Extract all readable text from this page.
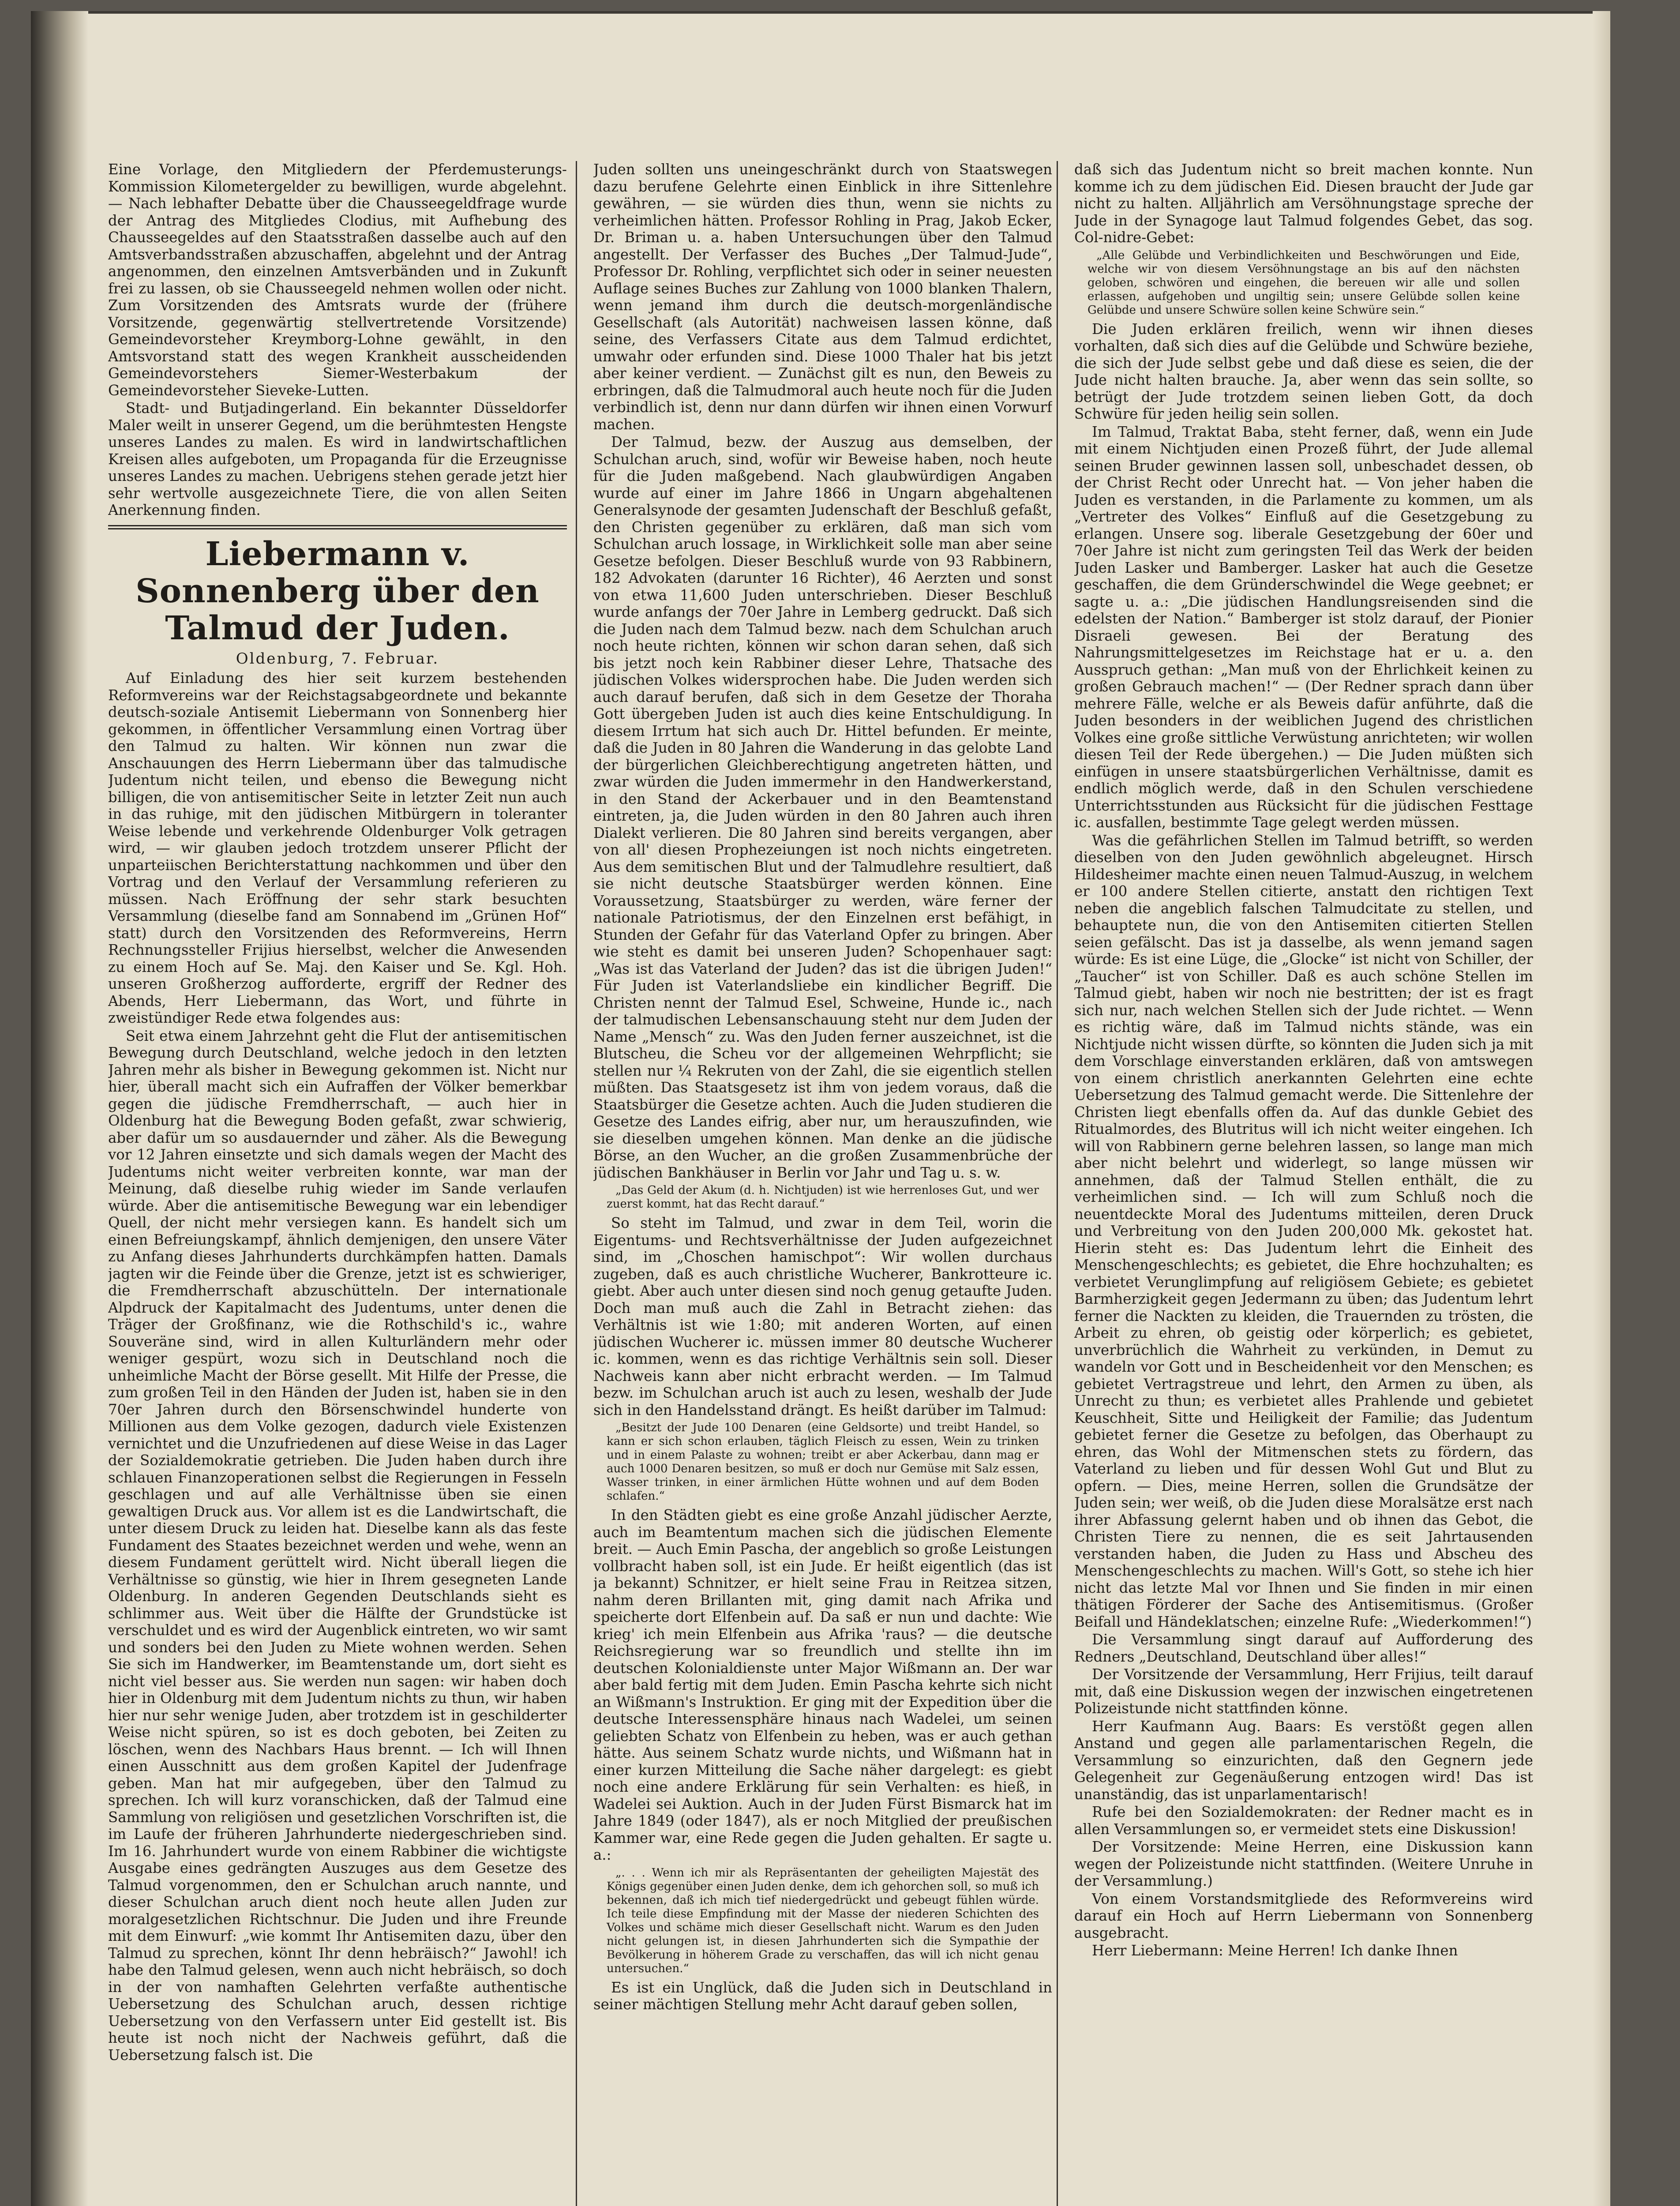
Eine Vorlage, den Mitgliedern der Pferdemusterungs-Kommission Kilometergelder zu bewilligen, wurde abgelehnt. — Nach lebhafter Debatte über die Chausseegeldfrage wurde der Antrag des Mitgliedes Clodius, mit Aufhebung des Chausseegeldes auf den Staatsstraßen dasselbe auch auf den Amtsverbandsstraßen abzuschaffen, abgelehnt und der Antrag angenommen, den einzelnen Amtsverbänden und in Zukunft frei zu lassen, ob sie Chausseegeld nehmen wollen oder nicht. Zum Vorsitzenden des Amtsrats wurde der (frühere Vorsitzende, gegenwärtig stellvertretende Vorsitzende) Gemeindevorsteher Kreymborg-Lohne gewählt, in den Amtsvorstand statt des wegen Krankheit ausscheidenden Gemeindevorstehers Siemer-Westerbakum der Gemeindevorsteher Sieveke-Lutten.

Stadt- und Butjadingerland. Ein bekannter Düsseldorfer Maler weilt in unserer Gegend, um die berühmtesten Hengste unseres Landes zu malen. Es wird in landwirtschaftlichen Kreisen alles aufgeboten, um Propaganda für die Erzeugnisse unseres Landes zu machen. Uebrigens stehen gerade jetzt hier sehr wertvolle ausgezeichnete Tiere, die von allen Seiten Anerkennung finden.

Liebermann v. Sonnenberg über den
Talmud der Juden.
Oldenburg, 7. Februar.

Auf Einladung des hier seit kurzem bestehenden Reformvereins war der Reichstagsabgeordnete und bekannte deutsch-soziale Antisemit Liebermann von Sonnenberg hier gekommen, in öffentlicher Versammlung einen Vortrag über den Talmud zu halten. Wir können nun zwar die Anschauungen des Herrn Liebermann über das talmudische Judentum nicht teilen, und ebenso die Bewegung nicht billigen, die von antisemitischer Seite in letzter Zeit nun auch in das ruhige, mit den jüdischen Mitbürgern in toleranter Weise lebende und verkehrende Oldenburger Volk getragen wird, — wir glauben jedoch trotzdem unserer Pflicht der unparteiischen Berichterstattung nachkommen und über den Vortrag und den Verlauf der Versammlung referieren zu müssen. Nach Eröffnung der sehr stark besuchten Versammlung (dieselbe fand am Sonnabend im „Grünen Hof“ statt) durch den Vorsitzenden des Reformvereins, Herrn Rechnungssteller Frijius hierselbst, welcher die Anwesenden zu einem Hoch auf Se. Maj. den Kaiser und Se. Kgl. Hoh. unseren Großherzog aufforderte, ergriff der Redner des Abends, Herr Liebermann, das Wort, und führte in zweistündiger Rede etwa folgendes aus:

Seit etwa einem Jahrzehnt geht die Flut der antisemitischen Bewegung durch Deutschland, welche jedoch in den letzten Jahren mehr als bisher in Bewegung gekommen ist. Nicht nur hier, überall macht sich ein Aufraffen der Völker bemerkbar gegen die jüdische Fremdherrschaft, — auch hier in Oldenburg hat die Bewegung Boden gefaßt, zwar schwierig, aber dafür um so ausdauernder und zäher. Als die Bewegung vor 12 Jahren einsetzte und sich damals wegen der Macht des Judentums nicht weiter verbreiten konnte, war man der Meinung, daß dieselbe ruhig wieder im Sande verlaufen würde. Aber die antisemitische Bewegung war ein lebendiger Quell, der nicht mehr versiegen kann. Es handelt sich um einen Befreiungskampf, ähnlich demjenigen, den unsere Väter zu Anfang dieses Jahrhunderts durchkämpfen hatten. Damals jagten wir die Feinde über die Grenze, jetzt ist es schwieriger, die Fremdherrschaft abzuschütteln. Der internationale Alpdruck der Kapitalmacht des Judentums, unter denen die Träger der Großfinanz, wie die Rothschild's ic., wahre Souveräne sind, wird in allen Kulturländern mehr oder weniger gespürt, wozu sich in Deutschland noch die unheimliche Macht der Börse gesellt. Mit Hilfe der Presse, die zum großen Teil in den Händen der Juden ist, haben sie in den 70er Jahren durch den Börsenschwindel hunderte von Millionen aus dem Volke gezogen, dadurch viele Existenzen vernichtet und die Unzufriedenen auf diese Weise in das Lager der Sozialdemokratie getrieben. Die Juden haben durch ihre schlauen Finanzoperationen selbst die Regierungen in Fesseln geschlagen und auf alle Verhältnisse üben sie einen gewaltigen Druck aus. Vor allem ist es die Landwirtschaft, die unter diesem Druck zu leiden hat. Dieselbe kann als das feste Fundament des Staates bezeichnet werden und wehe, wenn an diesem Fundament gerüttelt wird. Nicht überall liegen die Verhältnisse so günstig, wie hier in Ihrem gesegneten Lande Oldenburg. In anderen Gegenden Deutschlands sieht es schlimmer aus. Weit über die Hälfte der Grundstücke ist verschuldet und es wird der Augenblick eintreten, wo wir samt und sonders bei den Juden zu Miete wohnen werden. Sehen Sie sich im Handwerker, im Beamtenstande um, dort sieht es nicht viel besser aus. Sie werden nun sagen: wir haben doch hier in Oldenburg mit dem Judentum nichts zu thun, wir haben hier nur sehr wenige Juden, aber trotzdem ist in geschilderter Weise nicht spüren, so ist es doch geboten, bei Zeiten zu löschen, wenn des Nachbars Haus brennt. — Ich will Ihnen einen Ausschnitt aus dem großen Kapitel der Judenfrage geben. Man hat mir aufgegeben, über den Talmud zu sprechen. Ich will kurz voranschicken, daß der Talmud eine Sammlung von religiösen und gesetzlichen Vorschriften ist, die im Laufe der früheren Jahrhunderte niedergeschrieben sind. Im 16. Jahrhundert wurde von einem Rabbiner die wichtigste Ausgabe eines gedrängten Auszuges aus dem Gesetze des Talmud vorgenommen, den er Schulchan aruch nannte, und dieser Schulchan aruch dient noch heute allen Juden zur moralgesetzlichen Richtschnur. Die Juden und ihre Freunde mit dem Einwurf: „wie kommt Ihr Antisemiten dazu, über den Talmud zu sprechen, könnt Ihr denn hebräisch?“ Jawohl! ich habe den Talmud gelesen, wenn auch nicht hebräisch, so doch in der von namhaften Gelehrten verfaßte authentische Uebersetzung des Schulchan aruch, dessen richtige Uebersetzung von den Verfassern unter Eid gestellt ist. Bis heute ist noch nicht der Nachweis geführt, daß die Uebersetzung falsch ist. Die

Juden sollten uns uneingeschränkt durch von Staatswegen dazu berufene Gelehrte einen Einblick in ihre Sittenlehre gewähren, — sie würden dies thun, wenn sie nichts zu verheimlichen hätten. Professor Rohling in Prag, Jakob Ecker, Dr. Briman u. a. haben Untersuchungen über den Talmud angestellt. Der Verfasser des Buches „Der Talmud-Jude“, Professor Dr. Rohling, verpflichtet sich oder in seiner neuesten Auflage seines Buches zur Zahlung von 1000 blanken Thalern, wenn jemand ihm durch die deutsch-morgenländische Gesellschaft (als Autorität) nachweisen lassen könne, daß seine, des Verfassers Citate aus dem Talmud erdichtet, umwahr oder erfunden sind. Diese 1000 Thaler hat bis jetzt aber keiner verdient. — Zunächst gilt es nun, den Beweis zu erbringen, daß die Talmudmoral auch heute noch für die Juden verbindlich ist, denn nur dann dürfen wir ihnen einen Vorwurf machen.

Der Talmud, bezw. der Auszug aus demselben, der Schulchan aruch, sind, wofür wir Beweise haben, noch heute für die Juden maßgebend. Nach glaubwürdigen Angaben wurde auf einer im Jahre 1866 in Ungarn abgehaltenen Generalsynode der gesamten Judenschaft der Beschluß gefaßt, den Christen gegenüber zu erklären, daß man sich vom Schulchan aruch lossage, in Wirklichkeit solle man aber seine Gesetze befolgen. Dieser Beschluß wurde von 93 Rabbinern, 182 Advokaten (darunter 16 Richter), 46 Aerzten und sonst von etwa 11,600 Juden unterschrieben. Dieser Beschluß wurde anfangs der 70er Jahre in Lemberg gedruckt. Daß sich die Juden nach dem Talmud bezw. nach dem Schulchan aruch noch heute richten, können wir schon daran sehen, daß sich bis jetzt noch kein Rabbiner dieser Lehre, Thatsache des jüdischen Volkes widersprochen habe. Die Juden werden sich auch darauf berufen, daß sich in dem Gesetze der Thoraha Gott übergeben Juden ist auch dies keine Entschuldigung. In diesem Irrtum hat sich auch Dr. Hittel befunden. Er meinte, daß die Juden in 80 Jahren die Wanderung in das gelobte Land der bürgerlichen Gleichberechtigung angetreten hätten, und zwar würden die Juden immermehr in den Handwerkerstand, in den Stand der Ackerbauer und in den Beamtenstand eintreten, ja, die Juden würden in den 80 Jahren auch ihren Dialekt verlieren. Die 80 Jahren sind bereits vergangen, aber von all' diesen Prophezeiungen ist noch nichts eingetreten. Aus dem semitischen Blut und der Talmudlehre resultiert, daß sie nicht deutsche Staatsbürger werden können. Eine Voraussetzung, Staatsbürger zu werden, wäre ferner der nationale Patriotismus, der den Einzelnen erst befähigt, in Stunden der Gefahr für das Vaterland Opfer zu bringen. Aber wie steht es damit bei unseren Juden? Schopenhauer sagt: „Was ist das Vaterland der Juden? das ist die übrigen Juden!“ Für Juden ist Vaterlandsliebe ein kindlicher Begriff. Die Christen nennt der Talmud Esel, Schweine, Hunde ic., nach der talmudischen Lebensanschauung steht nur dem Juden der Name „Mensch“ zu. Was den Juden ferner auszeichnet, ist die Blutscheu, die Scheu vor der allgemeinen Wehrpflicht; sie stellen nur ¼ Rekruten von der Zahl, die sie eigentlich stellen müßten. Das Staatsgesetz ist ihm von jedem voraus, daß die Staatsbürger die Gesetze achten. Auch die Juden studieren die Gesetze des Landes eifrig, aber nur, um herauszufinden, wie sie dieselben umgehen können. Man denke an die jüdische Börse, an den Wucher, an die großen Zusammenbrüche der jüdischen Bankhäuser in Berlin vor Jahr und Tag u. s. w.

„Das Geld der Akum (d. h. Nichtjuden) ist wie herrenloses Gut, und wer zuerst kommt, hat das Recht darauf.“

So steht im Talmud, und zwar in dem Teil, worin die Eigentums- und Rechtsverhältnisse der Juden aufgezeichnet sind, im „Choschen hamischpot“: Wir wollen durchaus zugeben, daß es auch christliche Wucherer, Bankrotteure ic. giebt. Aber auch unter diesen sind noch genug getaufte Juden. Doch man muß auch die Zahl in Betracht ziehen: das Verhältnis ist wie 1:80; mit anderen Worten, auf einen jüdischen Wucherer ic. müssen immer 80 deutsche Wucherer ic. kommen, wenn es das richtige Verhältnis sein soll. Dieser Nachweis kann aber nicht erbracht werden. — Im Talmud bezw. im Schulchan aruch ist auch zu lesen, weshalb der Jude sich in den Handelsstand drängt. Es heißt darüber im Talmud:

„Besitzt der Jude 100 Denaren (eine Geldsorte) und treibt Handel, so kann er sich schon erlauben, täglich Fleisch zu essen, Wein zu trinken und in einem Palaste zu wohnen; treibt er aber Ackerbau, dann mag er auch 1000 Denaren besitzen, so muß er doch nur Gemüse mit Salz essen, Wasser trinken, in einer ärmlichen Hütte wohnen und auf dem Boden schlafen.“

In den Städten giebt es eine große Anzahl jüdischer Aerzte, auch im Beamtentum machen sich die jüdischen Elemente breit. — Auch Emin Pascha, der angeblich so große Leistungen vollbracht haben soll, ist ein Jude. Er heißt eigentlich (das ist ja bekannt) Schnitzer, er hielt seine Frau in Reitzea sitzen, nahm deren Brillanten mit, ging damit nach Afrika und speicherte dort Elfenbein auf. Da saß er nun und dachte: Wie krieg' ich mein Elfenbein aus Afrika 'raus? — die deutsche Reichsregierung war so freundlich und stellte ihn im deutschen Kolonialdienste unter Major Wißmann an. Der war aber bald fertig mit dem Juden. Emin Pascha kehrte sich nicht an Wißmann's Instruktion. Er ging mit der Expedition über die deutsche Interessensphäre hinaus nach Wadelei, um seinen geliebten Schatz von Elfenbein zu heben, was er auch gethan hätte. Aus seinem Schatz wurde nichts, und Wißmann hat in einer kurzen Mitteilung die Sache näher dargelegt: es giebt noch eine andere Erklärung für sein Verhalten: es hieß, in Wadelei sei Auktion. Auch in der Juden Fürst Bismarck hat im Jahre 1849 (oder 1847), als er noch Mitglied der preußischen Kammer war, eine Rede gegen die Juden gehalten. Er sagte u. a.:

„. . . Wenn ich mir als Repräsentanten der geheiligten Majestät des Königs gegenüber einen Juden denke, dem ich gehorchen soll, so muß ich bekennen, daß ich mich tief niedergedrückt und gebeugt fühlen würde. Ich teile diese Empfindung mit der Masse der niederen Schichten des Volkes und schäme mich dieser Gesellschaft nicht. Warum es den Juden nicht gelungen ist, in diesen Jahrhunderten sich die Sympathie der Bevölkerung in höherem Grade zu verschaffen, das will ich nicht genau untersuchen.“

Es ist ein Unglück, daß die Juden sich in Deutschland in seiner mächtigen Stellung mehr Acht darauf geben sollen,

daß sich das Judentum nicht so breit machen konnte. Nun komme ich zu dem jüdischen Eid. Diesen braucht der Jude gar nicht zu halten. Alljährlich am Versöhnungstage spreche der Jude in der Synagoge laut Talmud folgendes Gebet, das sog. Col-nidre-Gebet:

„Alle Gelübde und Verbindlichkeiten und Beschwörungen und Eide, welche wir von diesem Versöhnungstage an bis auf den nächsten geloben, schwören und eingehen, die bereuen wir alle und sollen erlassen, aufgehoben und ungiltig sein; unsere Gelübde sollen keine Gelübde und unsere Schwüre sollen keine Schwüre sein.“

Die Juden erklären freilich, wenn wir ihnen dieses vorhalten, daß sich dies auf die Gelübde und Schwüre beziehe, die sich der Jude selbst gebe und daß diese es seien, die der Jude nicht halten brauche. Ja, aber wenn das sein sollte, so betrügt der Jude trotzdem seinen lieben Gott, da doch Schwüre für jeden heilig sein sollen.

Im Talmud, Traktat Baba, steht ferner, daß, wenn ein Jude mit einem Nichtjuden einen Prozeß führt, der Jude allemal seinen Bruder gewinnen lassen soll, unbeschadet dessen, ob der Christ Recht oder Unrecht hat. — Von jeher haben die Juden es verstanden, in die Parlamente zu kommen, um als „Vertreter des Volkes“ Einfluß auf die Gesetzgebung zu erlangen. Unsere sog. liberale Gesetzgebung der 60er und 70er Jahre ist nicht zum geringsten Teil das Werk der beiden Juden Lasker und Bamberger. Lasker hat auch die Gesetze geschaffen, die dem Gründerschwindel die Wege geebnet; er sagte u. a.: „Die jüdischen Handlungsreisenden sind die edelsten der Nation.“ Bamberger ist stolz darauf, der Pionier Disraeli gewesen. Bei der Beratung des Nahrungsmittelgesetzes im Reichstage hat er u. a. den Ausspruch gethan: „Man muß von der Ehrlichkeit keinen zu großen Gebrauch machen!“ — (Der Redner sprach dann über mehrere Fälle, welche er als Beweis dafür anführte, daß die Juden besonders in der weiblichen Jugend des christlichen Volkes eine große sittliche Verwüstung anrichteten; wir wollen diesen Teil der Rede übergehen.) — Die Juden müßten sich einfügen in unsere staatsbürgerlichen Verhältnisse, damit es endlich möglich werde, daß in den Schulen verschiedene Unterrichtsstunden aus Rücksicht für die jüdischen Festtage ic. ausfallen, bestimmte Tage gelegt werden müssen.

Was die gefährlichen Stellen im Talmud betrifft, so werden dieselben von den Juden gewöhnlich abgeleugnet. Hirsch Hildesheimer machte einen neuen Talmud-Auszug, in welchem er 100 andere Stellen citierte, anstatt den richtigen Text neben die angeblich falschen Talmudcitate zu stellen, und behauptete nun, die von den Antisemiten citierten Stellen seien gefälscht. Das ist ja dasselbe, als wenn jemand sagen würde: Es ist eine Lüge, die „Glocke“ ist nicht von Schiller, der „Taucher“ ist von Schiller. Daß es auch schöne Stellen im Talmud giebt, haben wir noch nie bestritten; der ist es fragt sich nur, nach welchen Stellen sich der Jude richtet. — Wenn es richtig wäre, daß im Talmud nichts stände, was ein Nichtjude nicht wissen dürfte, so könnten die Juden sich ja mit dem Vorschlage einverstanden erklären, daß von amtswegen von einem christlich anerkannten Gelehrten eine echte Uebersetzung des Talmud gemacht werde. Die Sittenlehre der Christen liegt ebenfalls offen da. Auf das dunkle Gebiet des Ritualmordes, des Blutritus will ich nicht weiter eingehen. Ich will von Rabbinern gerne belehren lassen, so lange man mich aber nicht belehrt und widerlegt, so lange müssen wir annehmen, daß der Talmud Stellen enthält, die zu verheimlichen sind. — Ich will zum Schluß noch die neuentdeckte Moral des Judentums mitteilen, deren Druck und Verbreitung von den Juden 200,000 Mk. gekostet hat. Hierin steht es: Das Judentum lehrt die Einheit des Menschengeschlechts; es gebietet, die Ehre hochzuhalten; es verbietet Verunglimpfung auf religiösem Gebiete; es gebietet Barmherzigkeit gegen Jedermann zu üben; das Judentum lehrt ferner die Nackten zu kleiden, die Trauernden zu trösten, die Arbeit zu ehren, ob geistig oder körperlich; es gebietet, unverbrüchlich die Wahrheit zu verkünden, in Demut zu wandeln vor Gott und in Bescheidenheit vor den Menschen; es gebietet Vertragstreue und lehrt, den Armen zu üben, als Unrecht zu thun; es verbietet alles Prahlende und gebietet Keuschheit, Sitte und Heiligkeit der Familie; das Judentum gebietet ferner die Gesetze zu befolgen, das Oberhaupt zu ehren, das Wohl der Mitmenschen stets zu fördern, das Vaterland zu lieben und für dessen Wohl Gut und Blut zu opfern. — Dies, meine Herren, sollen die Grundsätze der Juden sein; wer weiß, ob die Juden diese Moralsätze erst nach ihrer Abfassung gelernt haben und ob ihnen das Gebot, die Christen Tiere zu nennen, die es seit Jahrtausenden verstanden haben, die Juden zu Hass und Abscheu des Menschengeschlechts zu machen. Will's Gott, so stehe ich hier nicht das letzte Mal vor Ihnen und Sie finden in mir einen thätigen Förderer der Sache des Antisemitismus. (Großer Beifall und Händeklatschen; einzelne Rufe: „Wiederkommen!“)

Die Versammlung singt darauf auf Aufforderung des Redners „Deutschland, Deutschland über alles!“

Der Vorsitzende der Versammlung, Herr Frijius, teilt darauf mit, daß eine Diskussion wegen der inzwischen eingetretenen Polizeistunde nicht stattfinden könne.

Herr Kaufmann Aug. Baars: Es verstößt gegen allen Anstand und gegen alle parlamentarischen Regeln, die Versammlung so einzurichten, daß den Gegnern jede Gelegenheit zur Gegenäußerung entzogen wird! Das ist unanständig, das ist unparlamentarisch!

Rufe bei den Sozialdemokraten: der Redner macht es in allen Versammlungen so, er vermeidet stets eine Diskussion!

Der Vorsitzende: Meine Herren, eine Diskussion kann wegen der Polizeistunde nicht stattfinden. (Weitere Unruhe in der Versammlung.)

Von einem Vorstandsmitgliede des Reformvereins wird darauf ein Hoch auf Herrn Liebermann von Sonnenberg ausgebracht.

Herr Liebermann: Meine Herren! Ich danke Ihnen
